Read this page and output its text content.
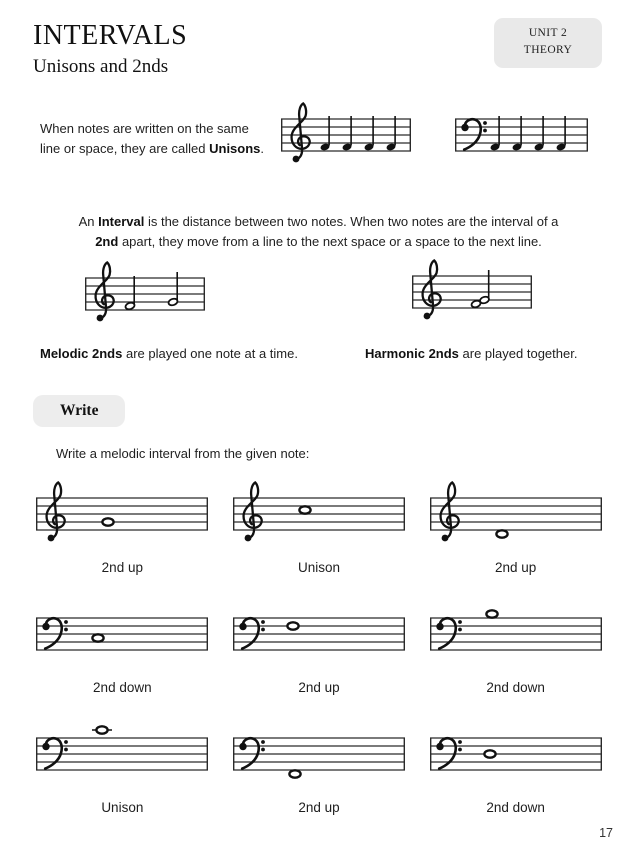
INTERVALS
Unisons and 2nds
UNIT 2
THEORY
When notes are written on the same
line or space, they are called Unisons.
An Interval is the distance between two notes. When two notes are the interval of a
2nd apart, they move from a line to the next space or a space to the next line.
Melodic 2nds are played one note at a time.	Harmonic 2nds are played together.
Write
Write a melodic interval from the given note:
2nd up	Unison	2nd up
2nd down	2nd up	2nd down
Unison	2nd up	2nd down
17
